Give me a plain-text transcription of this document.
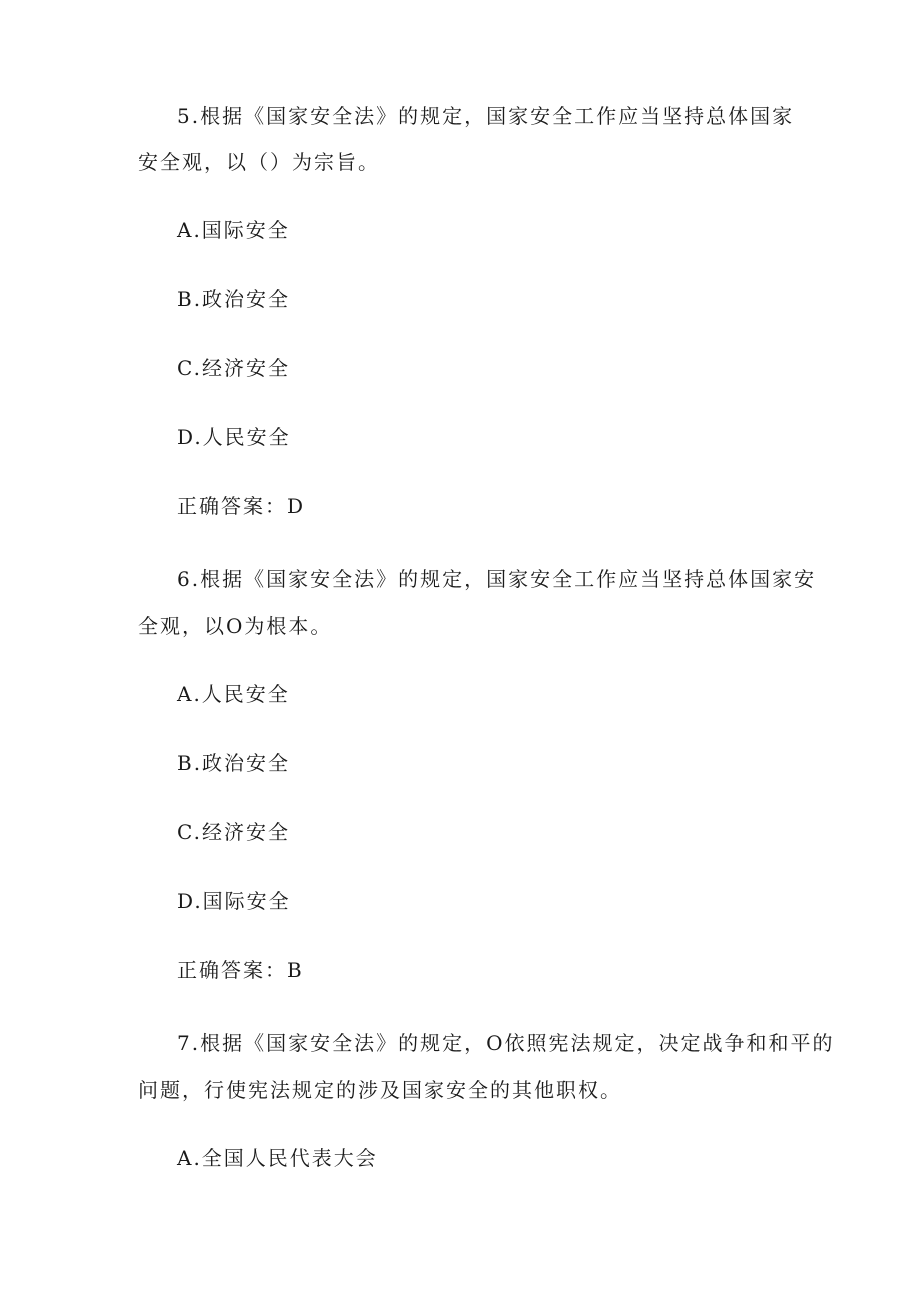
5.根据《国家安全法》的规定，国家安全工作应当坚持总体国家
安全观，以（）为宗旨。
A.国际安全
B.政治安全
C.经济安全
D.人民安全
正确答案：D
6.根据《国家安全法》的规定，国家安全工作应当坚持总体国家安
全观，以O为根本。
A.人民安全
B.政治安全
C.经济安全
D.国际安全
正确答案：B
7.根据《国家安全法》的规定，O依照宪法规定，决定战争和和平的
问题，行使宪法规定的涉及国家安全的其他职权。
A.全国人民代表大会
